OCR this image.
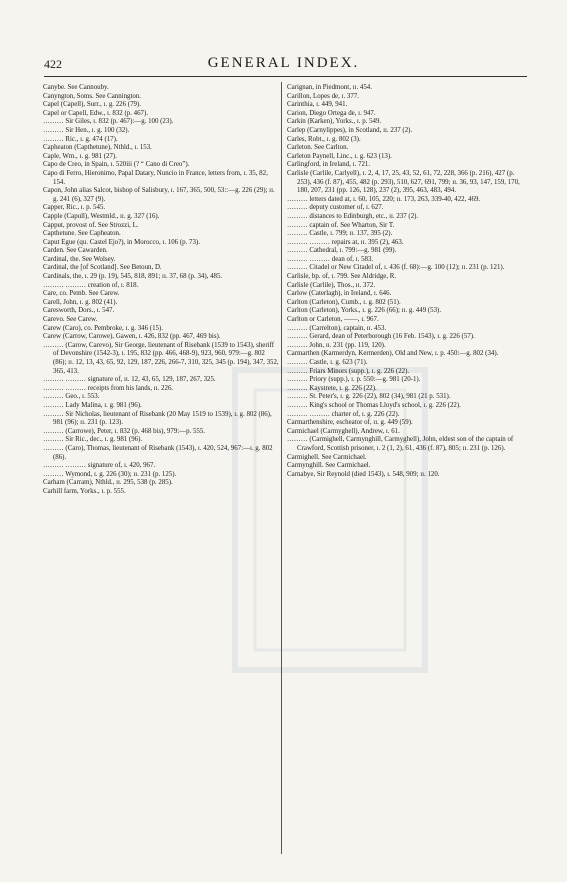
422	GENERAL INDEX.
Canybe. See Cannouby.
Canyngton, Soms. See Cannington.
Capel (Capell), Surr., ɪ. g. 226 (79).
Capel or Capell, Edw., ɪ. 832 (p. 467).
……… Sir Giles, ɪ. 832 (p. 467):—g. 100 (23).
……… Sir Hen., ɪ. g. 100 (32).
……… Ric., ɪ. g. 474 (17).
Capheaton (Capthetune), Nthld., ɪ. 153.
Caple, Wm., ɪ. g. 981 (27).
Capo de Creo, in Spain, ɪ. 520iii (? “ Cano di Creo”).
Capo di Ferro, Hieronimo, Papal Datary, Nuncio in France, letters from, ɪ. 35, 82, 154.
Capon, John alias Salcot, bishop of Salisbury, ɪ. 167, 365, 500, 53::—g. 226 (29); ɪɪ. g. 241 (6), 327 (9).
Capper, Ric., ɪ. p. 545.
Capple (Capull), Westmld., ɪɪ. g. 327 (16).
Capput, provost of. See Strozzi, L.
Capthetune. See Capheaton.
Caput Egue (qu. Castel Ejo?), in Morocco, ɪ. 106 (p. 73).
Carden. See Cawarden.
Cardinal, the. See Wolsey.
Cardinal, the [of Scotland]. See Betoun, D.
Cardinals, the, ɪ. 29 (p. 19), 545, 818, 891; ɪɪ. 37, 68 (p. 34), 485.
……… ……… creation of, ɪ. 818.
Care, co. Pemb. See Carew.
Carell, John, ɪ. g. 802 (41).
Caresworth, Dors., ɪ. 547.
Carevo. See Carew.
Carew (Caro), co. Pembroke, ɪ. g. 346 (15).
Carew (Carrow, Carowe), Gawen, ɪ. 426, 832 (pp. 467, 469 bis).
……… (Carow, Carevo), Sir George, lieutenant of Risebank (1539 to 1543), sheriff of Devonshire (1542-3), ɪ. 195, 832 (pp. 466, 468-9), 923, 960, 979:—g. 802 (86); ɪɪ. 12, 13, 43, 65, 92, 129, 187, 226, 266-7, 310, 325, 345 (p. 194), 347, 352, 365, 413.
……… ……… signature of, ɪɪ. 12, 43, 65, 129, 187, 267, 325.
……… ……… receipts from his lands, ɪɪ. 226.
……… Geo., ɪ. 553.
……… Lady Malina, ɪ. g. 981 (96).
……… Sir Nicholas, lieutenant of Risebank (20 May 1519 to 1539), ɪ. g. 802 (86), 981 (96); ɪɪ. 231 (p. 123).
……… (Carrowe), Peter, ɪ. 832 (p. 468 bis), 979:—p. 555.
……… Sir Ric., dec., ɪ. g. 981 (96).
……… (Caro), Thomas, lieutenant of Risebank (1543), ɪ. 420, 524, 967:—ɪ. g. 802 (86).
……… ……… signature of, ɪ. 420, 967.
……… Wymond, ɪ. g. 226 (30); ɪɪ. 231 (p. 125).
Carham (Carram), Nthld., ɪɪ. 295, 538 (p. 285).
Carhill farm, Yorks., ɪ. p. 555.
Carignan, in Piedmont, ɪɪ. 454.
Carillon, Lopes de, ɪ. 377.
Carinthia, ɪ. 449, 941.
Carion, Diego Ortega de, ɪ. 947.
Carkin (Karken), Yorks., ɪ. p. 549.
Carlep (Carnylippes), in Scotland, ɪɪ. 237 (2).
Carles, Robt., ɪ. g. 802 (3).
Carleton. See Carlton.
Carleton Paynell, Linc., ɪ. g. 623 (13).
Carlingford, in Ireland, ɪ. 721.
Carlisle (Carlile, Carlyell), ɪ. 2, 4, 17, 25, 43, 52, 61, 72, 228, 366 (p. 216), 427 (p. 253), 436 (f. 87), 455, 482 (p. 293), 510, 627, 691, 799; ɪɪ. 36, 93, 147, 159, 170, 180, 207, 231 (pp. 126, 128), 237 (2), 395, 463, 483, 494.
……… letters dated at, ɪ. 60, 105, 220; ɪɪ. 173, 263, 339-40, 422, 469.
……… deputy customer of, ɪ. 627.
……… distances to Edinburgh, etc., ɪɪ. 237 (2).
……… captain of. See Wharton, Sir T.
……… Castle, ɪ. 799; ɪɪ. 137, 395 (2).
……… ……… repairs at, ɪɪ. 395 (2), 463.
……… Cathedral, ɪ. 799:—g. 981 (99).
……… ……… dean of, ɪ. 583.
……… Citadel or New Citadel of, ɪ. 436 (f. 68):—g. 100 (12); ɪɪ. 231 (p. 121).
Carlisle, bp. of, ɪ. 799. See Aldridge, R.
Carlisle (Carlile), Thos., ɪɪ. 372.
Carlow (Caterlagh), in Ireland, ɪ. 646.
Carlton (Carleton), Cumb., ɪ. g. 802 (51).
Carlton (Carleton), Yorks., ɪ. g. 226 (66); ɪɪ. g. 449 (53).
Carlton or Carleton, ——, ɪ. 967.
……… (Carrelton), captain, ɪɪ. 453.
……… Gerard, dean of Peterborough (16 Feb. 1543), ɪ. g. 226 (57).
……… John, ɪɪ. 231 (pp. 119, 120).
Carmarthen (Karmerdyn, Kermerden), Old and New, ɪ. p. 450:—g. 802 (34).
……… Castle, ɪ. g. 623 (71).
……… Friars Minors (supp.), ɪ. g. 226 (22).
……… Priory (supp.), ɪ. p. 550:—g. 981 (20-1).
……… Kaystrete, ɪ. g. 226 (22).
……… St. Peter's, ɪ. g. 226 (22), 802 (34), 981 (21 p. 531).
……… King's school or Thomas Lloyd's school, ɪ. g. 226 (22).
……… ……… charter of, ɪ. g. 226 (22).
Carmarthenshire, escheator of, ɪɪ. g. 449 (59).
Carmichael (Carmyghell), Andrew, ɪ. 61.
……… (Carmighell, Carmynghill, Carmyghell), John, eldest son of the captain of Crawford, Scottish prisoner, ɪ. 2 (1, 2), 61, 436 (f. 87), 805; ɪɪ. 231 (p. 126).
Carmighell. See Carmichael.
Carmynghill. See Carmichael.
Carnabye, Sir Reynold (died 1543), ɪ. 548, 909; ɪɪ. 120.
